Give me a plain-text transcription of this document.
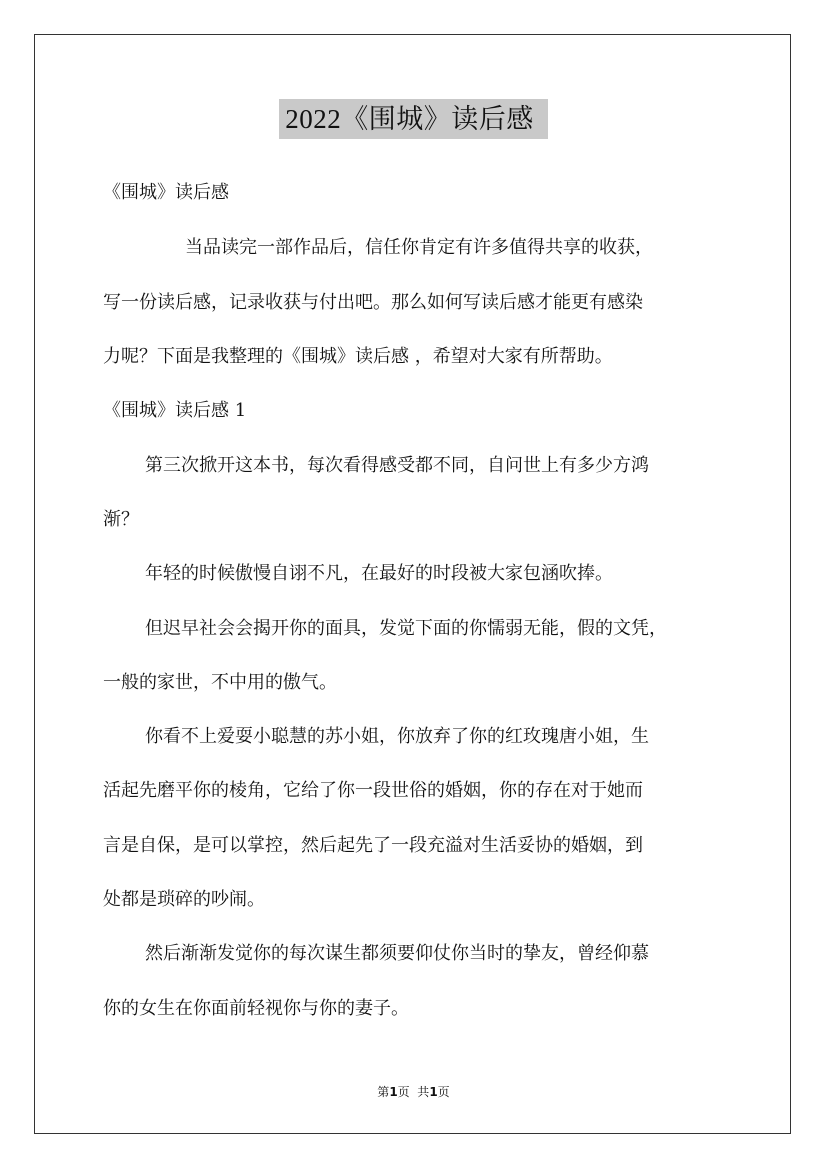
2022《围城》读后感
《围城》读后感
当品读完一部作品后，信任你肯定有许多值得共享的收获，
写一份读后感，记录收获与付出吧。那么如何写读后感才能更有感染
力呢？下面是我整理的《围城》读后感 ，希望对大家有所帮助。
《围城》读后感 1
第三次掀开这本书，每次看得感受都不同，自问世上有多少方鸿
渐？
年轻的时候傲慢自诩不凡，在最好的时段被大家包涵吹捧。
但迟早社会会揭开你的面具，发觉下面的你懦弱无能，假的文凭，
一般的家世，不中用的傲气。
你看不上爱耍小聪慧的苏小姐，你放弃了你的红玫瑰唐小姐，生
活起先磨平你的棱角，它给了你一段世俗的婚姻，你的存在对于她而
言是自保，是可以掌控，然后起先了一段充溢对生活妥协的婚姻，到
处都是琐碎的吵闹。
然后渐渐发觉你的每次谋生都须要仰仗你当时的挚友，曾经仰慕
你的女生在你面前轻视你与你的妻子。
第1页  共1页
